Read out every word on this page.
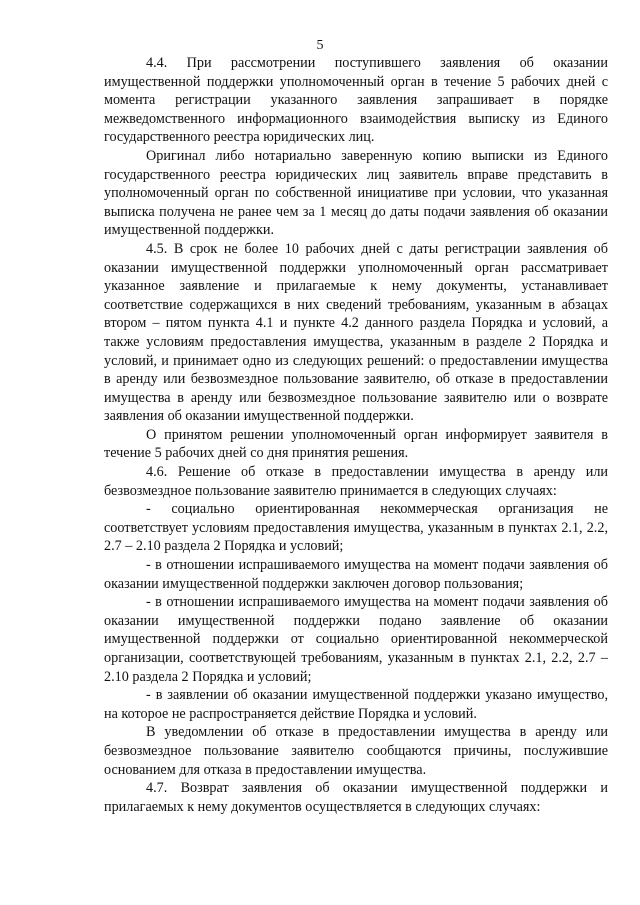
5

4.4. При рассмотрении поступившего заявления об оказании имущественной поддержки уполномоченный орган в течение 5 рабочих дней с момента регистрации указанного заявления запрашивает в порядке межведомственного информационного взаимодействия выписку из Единого государственного реестра юридических лиц.

Оригинал либо нотариально заверенную копию выписки из Единого государственного реестра юридических лиц заявитель вправе представить в уполномоченный орган по собственной инициативе при условии, что указанная выписка получена не ранее чем за 1 месяц до даты подачи заявления об оказании имущественной поддержки.

4.5. В срок не более 10 рабочих дней с даты регистрации заявления об оказании имущественной поддержки уполномоченный орган рассматривает указанное заявление и прилагаемые к нему документы, устанавливает соответствие содержащихся в них сведений требованиям, указанным в абзацах втором – пятом пункта 4.1 и пункте 4.2 данного раздела Порядка и условий, а также условиям предоставления имущества, указанным в разделе 2 Порядка и условий, и принимает одно из следующих решений: о предоставлении имущества в аренду или безвозмездное пользование заявителю, об отказе в предоставлении имущества в аренду или безвозмездное пользование заявителю или о возврате заявления об оказании имущественной поддержки.

О принятом решении уполномоченный орган информирует заявителя в течение 5 рабочих дней со дня принятия решения.

4.6. Решение об отказе в предоставлении имущества в аренду или безвозмездное пользование заявителю принимается в следующих случаях:

- социально ориентированная некоммерческая организация не соответствует условиям предоставления имущества, указанным в пунктах 2.1, 2.2, 2.7 – 2.10 раздела 2 Порядка и условий;

- в отношении испрашиваемого имущества на момент подачи заявления об оказании имущественной поддержки заключен договор пользования;

- в отношении испрашиваемого имущества на момент подачи заявления об оказании имущественной поддержки подано заявление об оказании имущественной поддержки от социально ориентированной некоммерческой организации, соответствующей требованиям, указанным в пунктах 2.1, 2.2, 2.7 – 2.10 раздела 2 Порядка и условий;

- в заявлении об оказании имущественной поддержки указано имущество, на которое не распространяется действие Порядка и условий.

В уведомлении об отказе в предоставлении имущества в аренду или безвозмездное пользование заявителю сообщаются причины, послужившие основанием для отказа в предоставлении имущества.

4.7. Возврат заявления об оказании имущественной поддержки и прилагаемых к нему документов осуществляется в следующих случаях:
